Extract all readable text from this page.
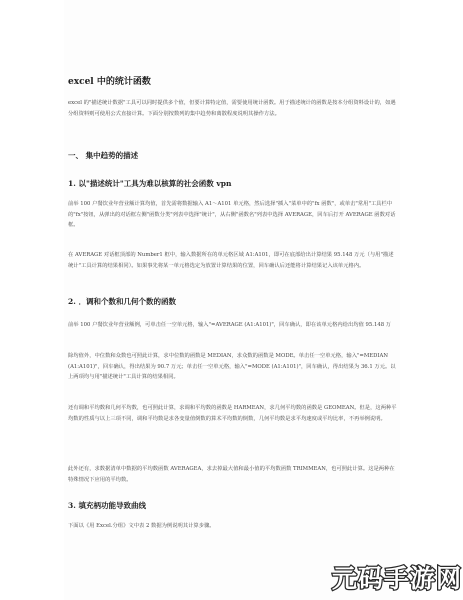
excel 中的统计函数

excel 的"描述统计数据"工具可以同时提供多个值，但要计算特定值，需要使用统计函数。用于描述统计的函数是按本分组资料设计的，如遇分组资料则可使用公式直接计算。下面分别按数列的集中趋势和离散程度说明其操作方法。

一、 集中趋势的描述
1. 以"描述统计"工具为难以核算的社会函数 vpn

前举 100 户餐饮业年营业额计算均值，首先需将数据输入 A1～A101 单元格，然后选择"插入"菜单中的"fx 函数"，或单击"常用"工具栏中的"fx"按钮，从弹出的对话框左侧"函数分类"列表中选择"统计"，从右侧"函数名"列表中选择 AVERAGE，回车后打开 AVERAGE 函数对话框。

在 AVERAGE 对话框顶部的 Number1 框中，输入数据所在的单元格区域 A1:A101，即可在底部给出计算结果 95.148 万元（与用"描述统计"工具计算的结果相同）。如果事先将某一单元格选定为放置计算结果的位置，回车确认后还能将计算结果记入该单元格内。

2. ．调和个数和几何个数的函数

前举 100 户餐饮业年营业额例，可单击任一空单元格，输入"=AVERAGE (A1:A101)"，回车确认，即在该单元格内给出均值 95.148 万

除均值外，中位数和众数也可照此计算，求中位数的函数是 MEDIAN，求众数的函数是 MODE。单击任一空单元格，输入"=MEDIAN (A1:A101)"，回车确认，得出结果为 90.7 万元；单击任一空单元格，输入"=MODE (A1:A101)"，回车确认，得出结果为 36.1 万元。以上两项均与用"描述统计"工具计算的结果相同。

还有调和平均数和几何平均数，也可照此计算，求调和平均数的函数是 HARMEAN，求几何平均数的函数是 GEOMEAN。但是，这两种平均数的性质与以上三项不同，调和平均数是求各变量值倒数的算术平均数的倒数，几何平均数是求平均速度或平均比率，不再举例说明。

此外还有，求数据清单中数据的平均数函数 AVERAGEA，求去掉最大值和最小值的平均数函数 TRIMMEAN，也可照此计算。这是两种在特殊情况下应用的平均数。

3. 填充柄功能导致曲线

下面以《用 Excel.分组》文中表 2 数据为例说明其计算步骤。

元码手游网
